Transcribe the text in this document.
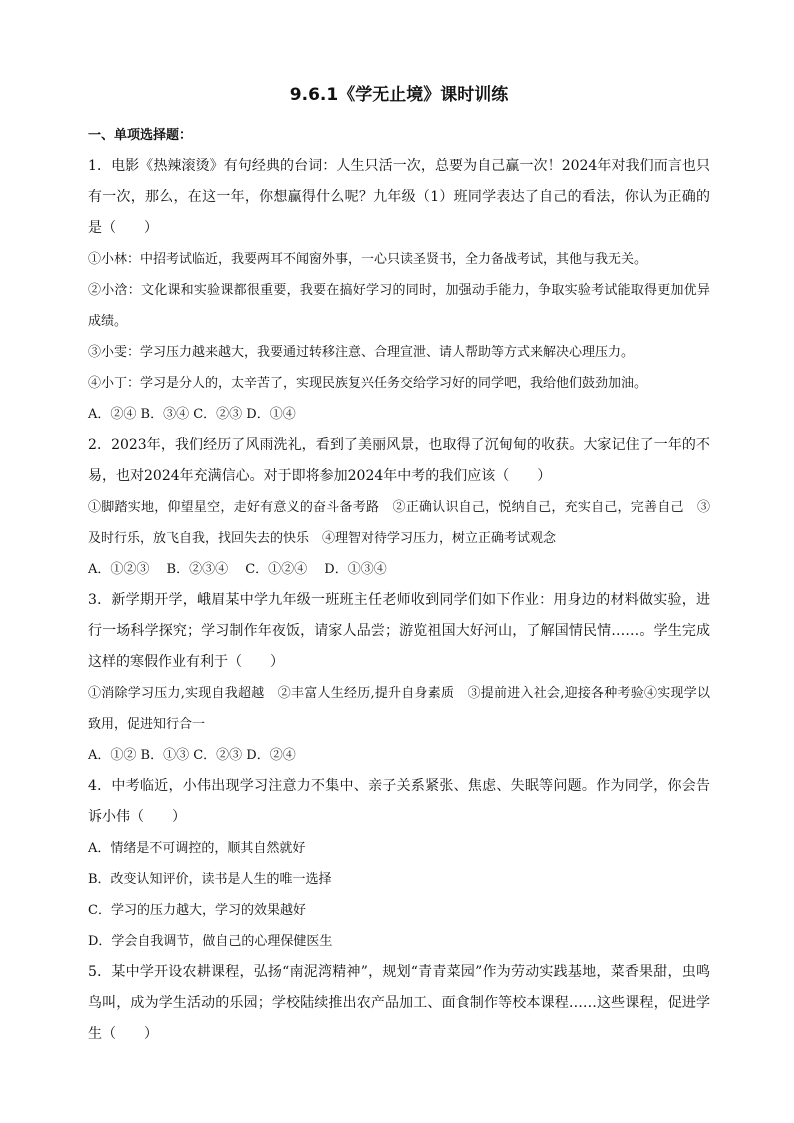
9.6.1《学无止境》课时训练
一、单项选择题：

1．电影《热辣滚烫》有句经典的台词：人生只活一次，总要为自己赢一次！2024年对我们而言也只有一次，那么，在这一年，你想赢得什么呢？九年级（1）班同学表达了自己的看法，你认为正确的是（　　）

①小林：中招考试临近，我要两耳不闻窗外事，一心只读圣贤书，全力备战考试，其他与我无关。

②小浛：文化课和实验课都很重要，我要在搞好学习的同时，加强动手能力，争取实验考试能取得更加优异成绩。

③小雯：学习压力越来越大，我要通过转移注意、合理宣泄、请人帮助等方式来解决心理压力。

④小丁：学习是分人的，太辛苦了，实现民族复兴任务交给学习好的同学吧，我给他们鼓劲加油。

A．②④ B．③④ C．②③ D．①④

2．2023年，我们经历了风雨洗礼，看到了美丽风景，也取得了沉甸甸的收获。大家记住了一年的不易，也对2024年充满信心。对于即将参加2024年中考的我们应该（　　）

①脚踏实地，仰望星空，走好有意义的奋斗备考路　②正确认识自己，悦纳自己，充实自己，完善自己　③及时行乐，放飞自我，找回失去的快乐　④理智对待学习压力，树立正确考试观念

A．①②③　 B．②③④　 C．①②④　 D．①③④

3．新学期开学，峨眉某中学九年级一班班主任老师收到同学们如下作业：用身边的材料做实验，进行一场科学探究；学习制作年夜饭，请家人品尝；游览祖国大好河山，了解国情民情……。学生完成这样的寒假作业有利于（　　）

①消除学习压力,实现自我超越　②丰富人生经历,提升自身素质　③提前进入社会,迎接各种考验④实现学以致用，促进知行合一

A．①② B．①③ C．②③ D．②④

4．中考临近，小伟出现学习注意力不集中、亲子关系紧张、焦虑、失眠等问题。作为同学，你会告诉小伟（　　）

A．情绪是不可调控的，顺其自然就好

B．改变认知评价，读书是人生的唯一选择

C．学习的压力越大，学习的效果越好

D．学会自我调节，做自己的心理保健医生

5．某中学开设农耕课程，弘扬“南泥湾精神”，规划“青青菜园”作为劳动实践基地，菜香果甜，虫鸣鸟叫，成为学生活动的乐园；学校陆续推出农产品加工、面食制作等校本课程……这些课程，促进学生（　　）
